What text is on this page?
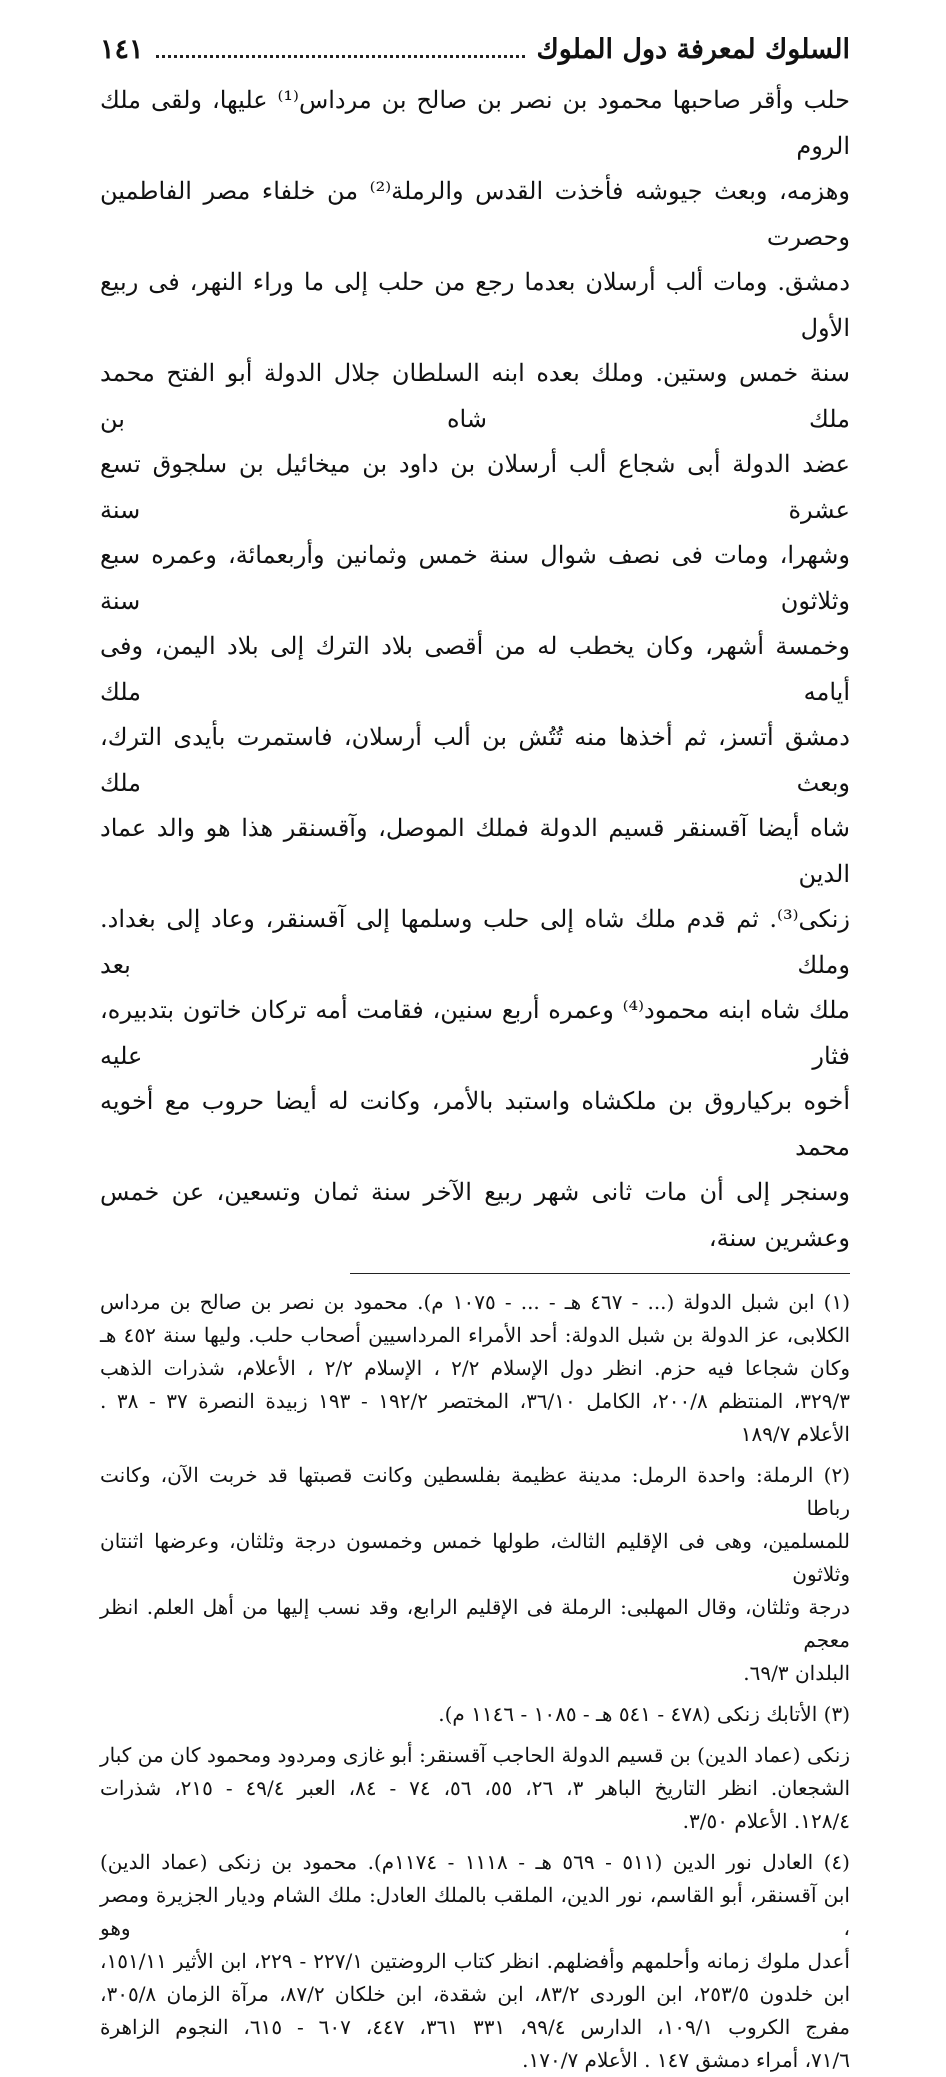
السلوك لمعرفة دول الملوك
١٤١

حلب وأقر صاحبها محمود بن نصر بن صالح بن مرداس⁽¹⁾ عليها، ولقى ملك الروم

وهزمه، وبعث جيوشه فأخذت القدس والرملة⁽²⁾ من خلفاء مصر الفاطمين وحصرت

دمشق. ومات ألب أرسلان بعدما رجع من حلب إلى ما وراء النهر، فى ربيع الأول

سنة خمس وستين. وملك بعده ابنه السلطان جلال الدولة أبو الفتح محمد ملك شاه بن

عضد الدولة أبى شجاع ألب أرسلان بن داود بن ميخائيل بن سلجوق تسع عشرة سنة

وشهرا، ومات فى نصف شوال سنة خمس وثمانين وأربعمائة، وعمره سبع وثلاثون سنة

وخمسة أشهر، وكان يخطب له من أقصى بلاد الترك إلى بلاد اليمن، وفى أيامه ملك

دمشق أتسز، ثم أخذها منه تُتُش بن ألب أرسلان، فاستمرت بأيدى الترك، وبعث ملك

شاه أيضا آقسنقر قسيم الدولة فملك الموصل، وآقسنقر هذا هو والد عماد الدين

زنكى⁽³⁾. ثم قدم ملك شاه إلى حلب وسلمها إلى آقسنقر، وعاد إلى بغداد. وملك بعد

ملك شاه ابنه محمود⁽⁴⁾ وعمره أربع سنين، فقامت أمه تركان خاتون بتدبيره، فثار عليه

أخوه بركياروق بن ملكشاه واستبد بالأمر، وكانت له أيضا حروب مع أخويه محمد

وسنجر إلى أن مات ثانى شهر ربيع الآخر سنة ثمان وتسعين، عن خمس وعشرين سنة،

(١) ابن شبل الدولة (... - ٤٦٧ هـ - ... - ١٠٧٥ م). محمود بن نصر بن صالح بن مرداس

الكلابى، عز الدولة بن شبل الدولة: أحد الأمراء المرداسيين أصحاب حلب. وليها سنة ٤٥٢ هـ

وكان شجاعا فيه حزم. انظر دول الإسلام ٢/٢ ، الإسلام ٢/٢ ، الأعلام، شذرات الذهب

٣٢٩/٣، المنتظم ٢٠٠/٨، الكامل ٣٦/١٠، المختصر ١٩٢/٢ - ١٩٣ زبيدة النصرة ٣٧ - ٣٨ .

الأعلام ١٨٩/٧

(٢) الرملة: واحدة الرمل: مدينة عظيمة بفلسطين وكانت قصبتها قد خربت الآن، وكانت رباطا

للمسلمين، وهى فى الإقليم الثالث، طولها خمس وخمسون درجة وثلثان، وعرضها اثنتان وثلاثون

درجة وثلثان، وقال المهلبى: الرملة فى الإقليم الرابع، وقد نسب إليها من أهل العلم. انظر معجم

البلدان ٦٩/٣.

(٣) الأتابك زنكى (٤٧٨ - ٥٤١ هـ - ١٠٨٥ - ١١٤٦ م).

زنكى (عماد الدين) بن قسيم الدولة الحاجب آقسنقر: أبو غازى ومردود ومحمود كان من كبار

الشجعان. انظر التاريخ الباهر ٣، ٢٦، ٥٥، ٥٦، ٧٤ - ٨٤، العبر ٤٩/٤ - ٢١٥، شذرات

١٢٨/٤. الأعلام ٣/٥٠.

(٤) العادل نور الدين (٥١١ - ٥٦٩ هـ - ١١١٨ - ١١٧٤م). محمود بن زنكى (عماد الدين)

ابن آقسنقر، أبو القاسم، نور الدين، الملقب بالملك العادل: ملك الشام وديار الجزيرة ومصر ، وهو

أعدل ملوك زمانه وأحلمهم وأفضلهم. انظر كتاب الروضتين ٢٢٧/١ - ٢٢٩، ابن الأثير ١٥١/١١،

ابن خلدون ٢٥٣/٥، ابن الوردى ٨٣/٢، ابن شقدة، ابن خلكان ٨٧/٢، مرآة الزمان ٣٠٥/٨،

مفرج الكروب ١٠٩/١، الدارس ٩٩/٤، ٣٣١ ٣٦١، ٤٤٧، ٦٠٧ - ٦١٥، النجوم الزاهرة

٧١/٦، أمراء دمشق ١٤٧ . الأعلام ١٧٠/٧.
